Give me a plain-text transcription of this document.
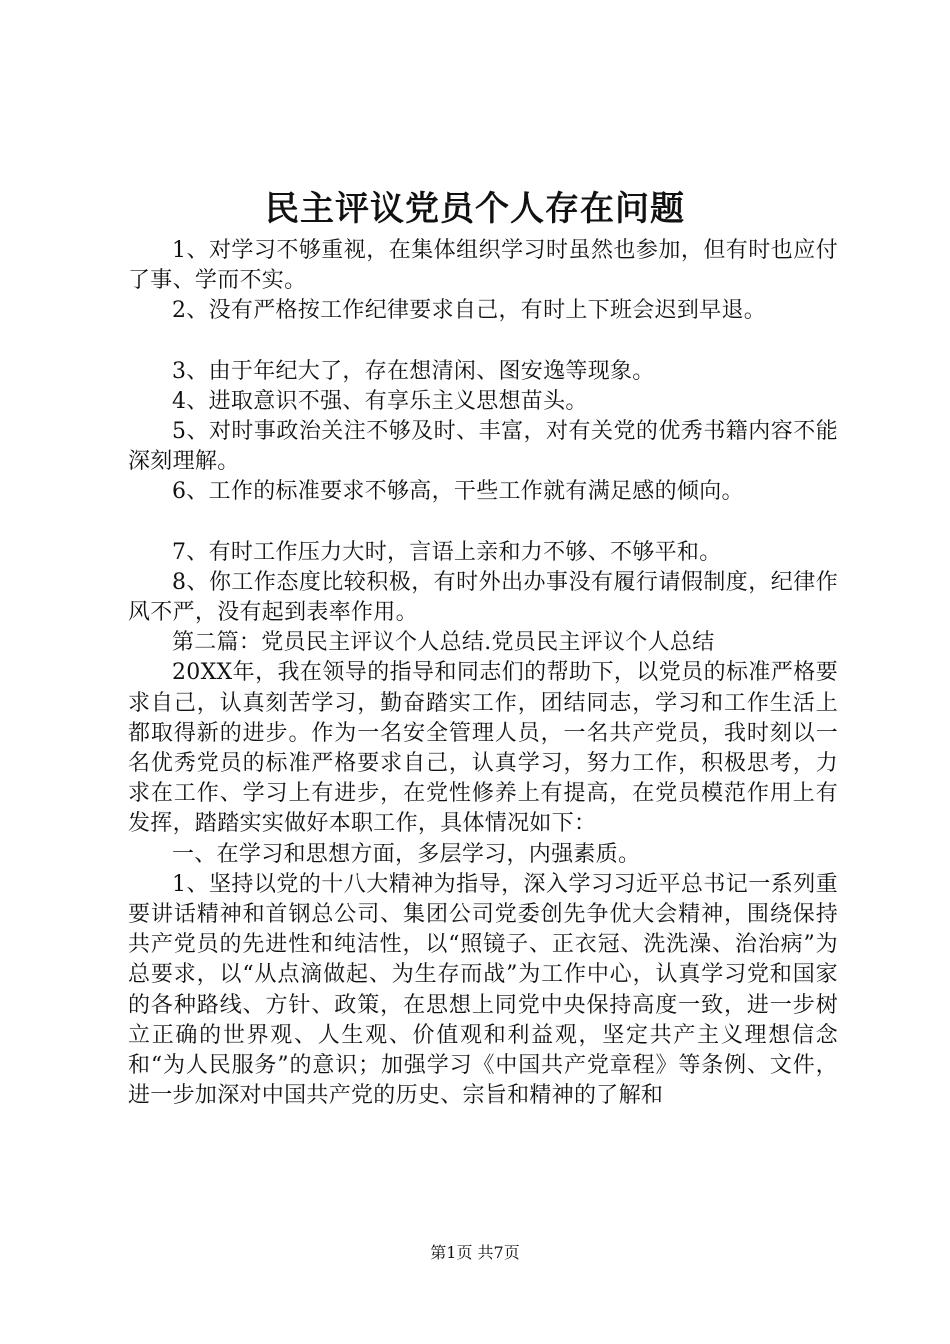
民主评议党员个人存在问题

1、对学习不够重视，在集体组织学习时虽然也参加，但有时也应付了事、学而不实。

2、没有严格按工作纪律要求自己，有时上下班会迟到早退。

3、由于年纪大了，存在想清闲、图安逸等现象。

4、进取意识不强、有享乐主义思想苗头。

5、对时事政治关注不够及时、丰富，对有关党的优秀书籍内容不能深刻理解。

6、工作的标准要求不够高，干些工作就有满足感的倾向。

7、有时工作压力大时，言语上亲和力不够、不够平和。

8、你工作态度比较积极，有时外出办事没有履行请假制度，纪律作风不严，没有起到表率作用。

第二篇：党员民主评议个人总结.党员民主评议个人总结

20XX年，我在领导的指导和同志们的帮助下，以党员的标准严格要求自己，认真刻苦学习，勤奋踏实工作，团结同志，学习和工作生活上都取得新的进步。作为一名安全管理人员，一名共产党员，我时刻以一名优秀党员的标准严格要求自己，认真学习，努力工作，积极思考，力求在工作、学习上有进步，在党性修养上有提高，在党员模范作用上有发挥，踏踏实实做好本职工作，具体情况如下：

一、在学习和思想方面，多层学习，内强素质。

1、坚持以党的十八大精神为指导，深入学习习近平总书记一系列重要讲话精神和首钢总公司、集团公司党委创先争优大会精神，围绕保持共产党员的先进性和纯洁性，以“照镜子、正衣冠、洗洗澡、治治病”为总要求，以“从点滴做起、为生存而战”为工作中心，认真学习党和国家的各种路线、方针、政策，在思想上同党中央保持高度一致，进一步树立正确的世界观、人生观、价值观和利益观，坚定共产主义理想信念和“为人民服务”的意识；加强学习《中国共产党章程》等条例、文件，进一步加深对中国共产党的历史、宗旨和精神的了解和

第1页 共7页
